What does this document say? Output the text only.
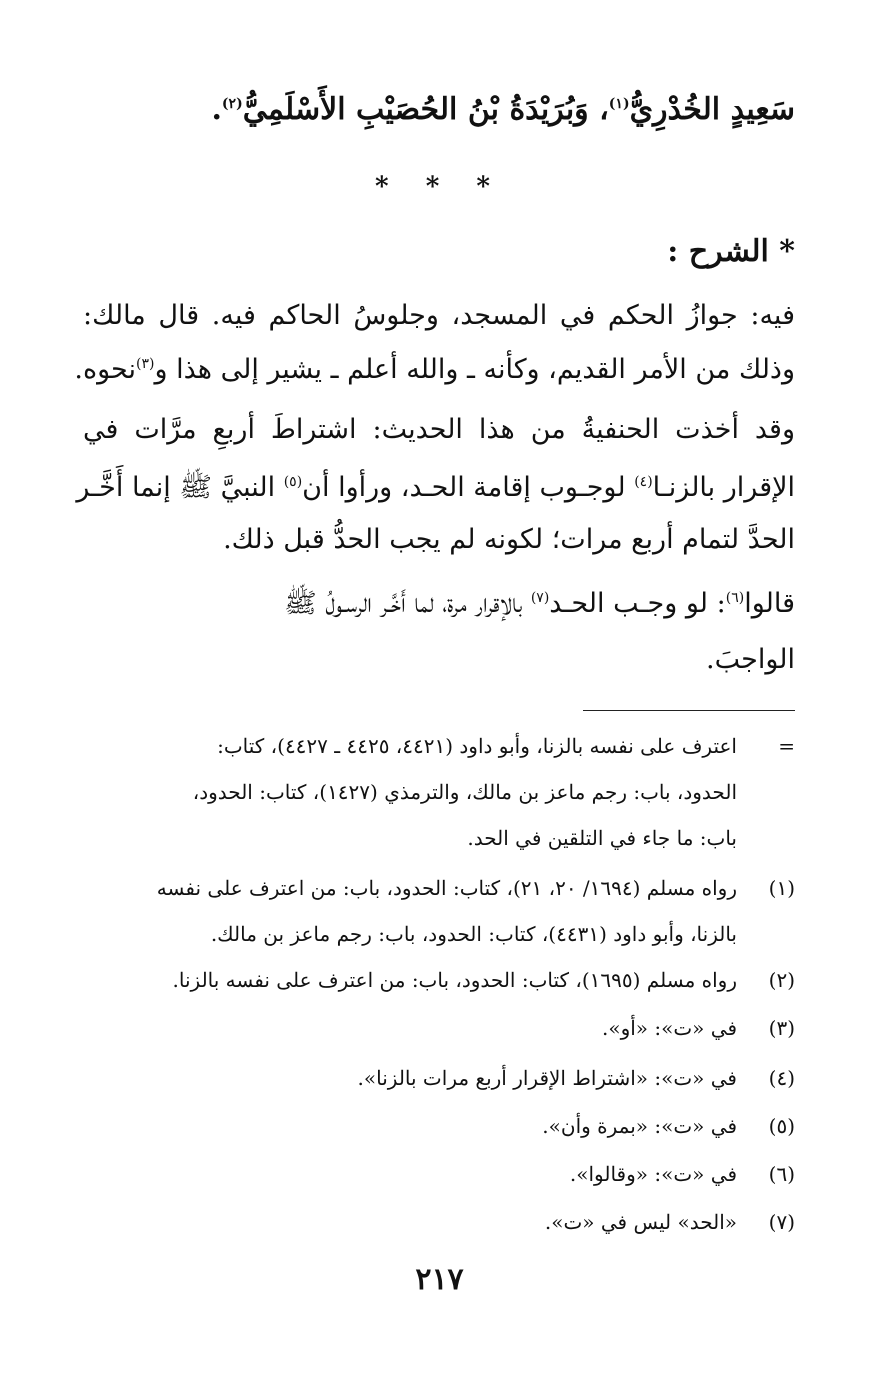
سَعِيدٍ الخُدْرِيُّ$^{(١)}$، وَبُرَيْدَةُ بْنُ الحُصَيْبِ الأَسْلَمِيُّ$^{(٢)}$.
* * *
* الشرح :
فيه: جوازُ الحكم في المسجد، وجلوسُ الحاكم فيه. قال مالك:
وذلك من الأمر القديم، وكأنه ـ والله أعلم ـ يشير إلى هذا و$^{(٣)}$نحوه.
وقد أخذت الحنفيةُ من هذا الحديث: اشتراطَ أربعِ مرَّات في
الإقرار بالزنـا$^{(٤)}$ لوجـوب إقامة الحـد، ورأوا أن$^{(٥)}$ النبيَّ ﷺ إنما أَخَّـر
الحدَّ لتمام أربع مرات؛ لكونه لم يجب الحدُّ قبل ذلك.
قالوا$^{(٦)}$: لو وجـب الحـد$^{(٧)}$ بالإقرار مرة، لما أَخَّـر الرسـولُ ﷺ
الواجبَ.
=
اعترف على نفسه بالزنا، وأبو داود (٤٤٢١، ٤٤٢٥ ـ ٤٤٢٧)، كتاب:
الحدود، باب: رجم ماعز بن مالك، والترمذي (١٤٢٧)، كتاب: الحدود،
باب: ما جاء في التلقين في الحد.
(١)
رواه مسلم (١٦٩٤/ ٢٠، ٢١)، كتاب: الحدود، باب: من اعترف على نفسه
بالزنا، وأبو داود (٤٤٣١)، كتاب: الحدود، باب: رجم ماعز بن مالك.
(٢)
رواه مسلم (١٦٩٥)، كتاب: الحدود، باب: من اعترف على نفسه بالزنا.
(٣)
في «ت»: «أو».
(٤)
في «ت»: «اشتراط الإقرار أربع مرات بالزنا».
(٥)
في «ت»: «بمرة وأن».
(٦)
في «ت»: «وقالوا».
(٧)
«الحد» ليس في «ت».
٢١٧
